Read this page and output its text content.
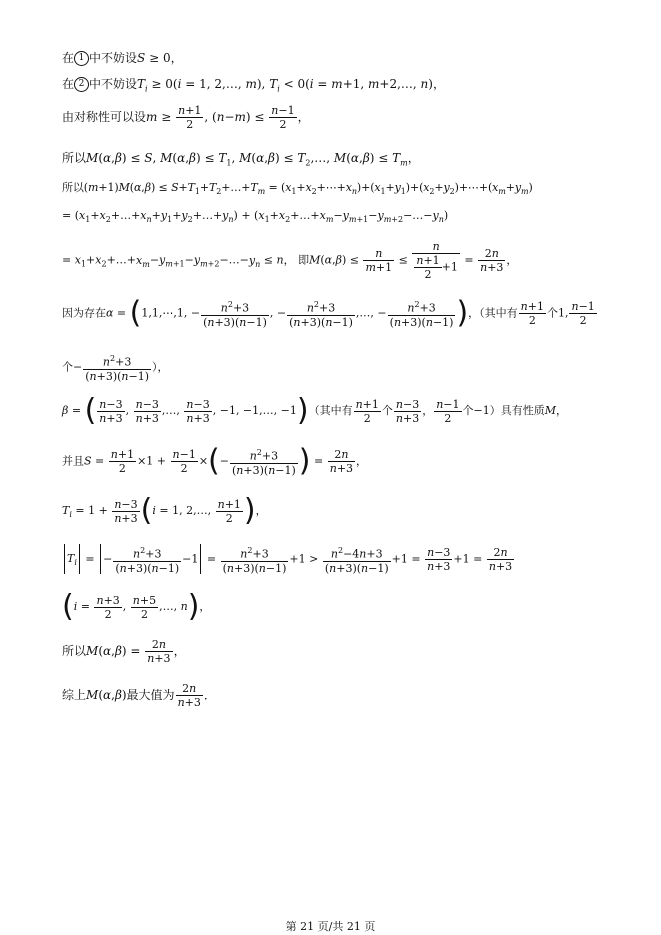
在 1 中不妨设S ≥ 0，
在 2 中不妨设$T_i \ge 0(i = 1$, 2,…, m), $T_i < 0(i = m+1$, m+2,…, n)，
由对称性可以设$m \ge \frac{n+1}{2}$ , $(n-m) \le \frac{n-1}{2}$ ，
所以M(α,β) ≤ S, $M(\alpha,\beta) \le T_1$, $M(\alpha,\beta) \le T_2,\dots$, $M(\alpha,\beta) \le T_m$，
所以$(m+1)M(\alpha,\beta) \le S+T_1+T_2+\dots+T_m$ = $(x_1+x_2+\cdots+x_n)+(x_1+y_1)+(x_2+y_2)+\cdots+(x_m+y_m)$
= $(x_1+x_2+\dots+x_n+y_1+y_2+\dots+y_n)$ + $(x_1+x_2+\dots+x_m-y_{m+1}-y_{m+2}-\dots-y_n)$
= $x_1+x_2+\dots+x_m-y_{m+1}-y_{m+2}-\dots-y_n \le n$， 即$M(\alpha,\beta) \le \frac{n}{m+1} \le \frac{n}{\frac{n+1}{2} +1} = \frac{2n}{n+3}$ ，
因为存在α = (1,1,⋯,1, − $\frac{n^2+3}{(n+3)(n-1)}$ , − $\frac{n^2+3}{(n+3)(n-1)}$ ,…, − $\frac{n^2+3}{(n+3)(n-1)}$ )，（其中有 $\frac{n+1}{2}$ 个1, $\frac{n-1}{2}$
个− $\frac{n^2+3}{(n+3)(n-1)}$ ），
β = ( $\frac{n-3}{n+3}$ , $\frac{n-3}{n+3}$ ,…, $\frac{n-3}{n+3}$ , −1, −1,…, −1)（其中有 $\frac{n+1}{2}$ 个 $\frac{n-3}{n+3}$ ， $\frac{n-1}{2}$ 个−1）具有性质M，
并且$S = \frac{n+1}{2} \times 1 + \frac{n-1}{2}$ ×(− $\frac{n^2+3}{(n+3)(n-1)}$ ) = $\frac{2n}{n+3}$ ，
$T_i = 1 + \frac{n-3}{n+3} (i = 1$, 2,…, $\frac{n+1}{2}$ )，
$T_i$ = − $\frac{n^2+3}{(n+3)(n-1)} -1 = \frac{n^2+3}{(n+3)(n-1)} +1 > \frac{n^2-4n+3}{(n+3)(n-1)} +1 = \frac{n-3}{n+3} +1 = \frac{2n}{n+3}$
($i = \frac{n+3}{2}$ , $\frac{n+5}{2}$ ,…, n)，
所以$M(\alpha,\beta) = \frac{2n}{n+3}$ ，
综上M(α,β)最大值为 $\frac{2n}{n+3}$ ．
第 21 页/共 21 页
